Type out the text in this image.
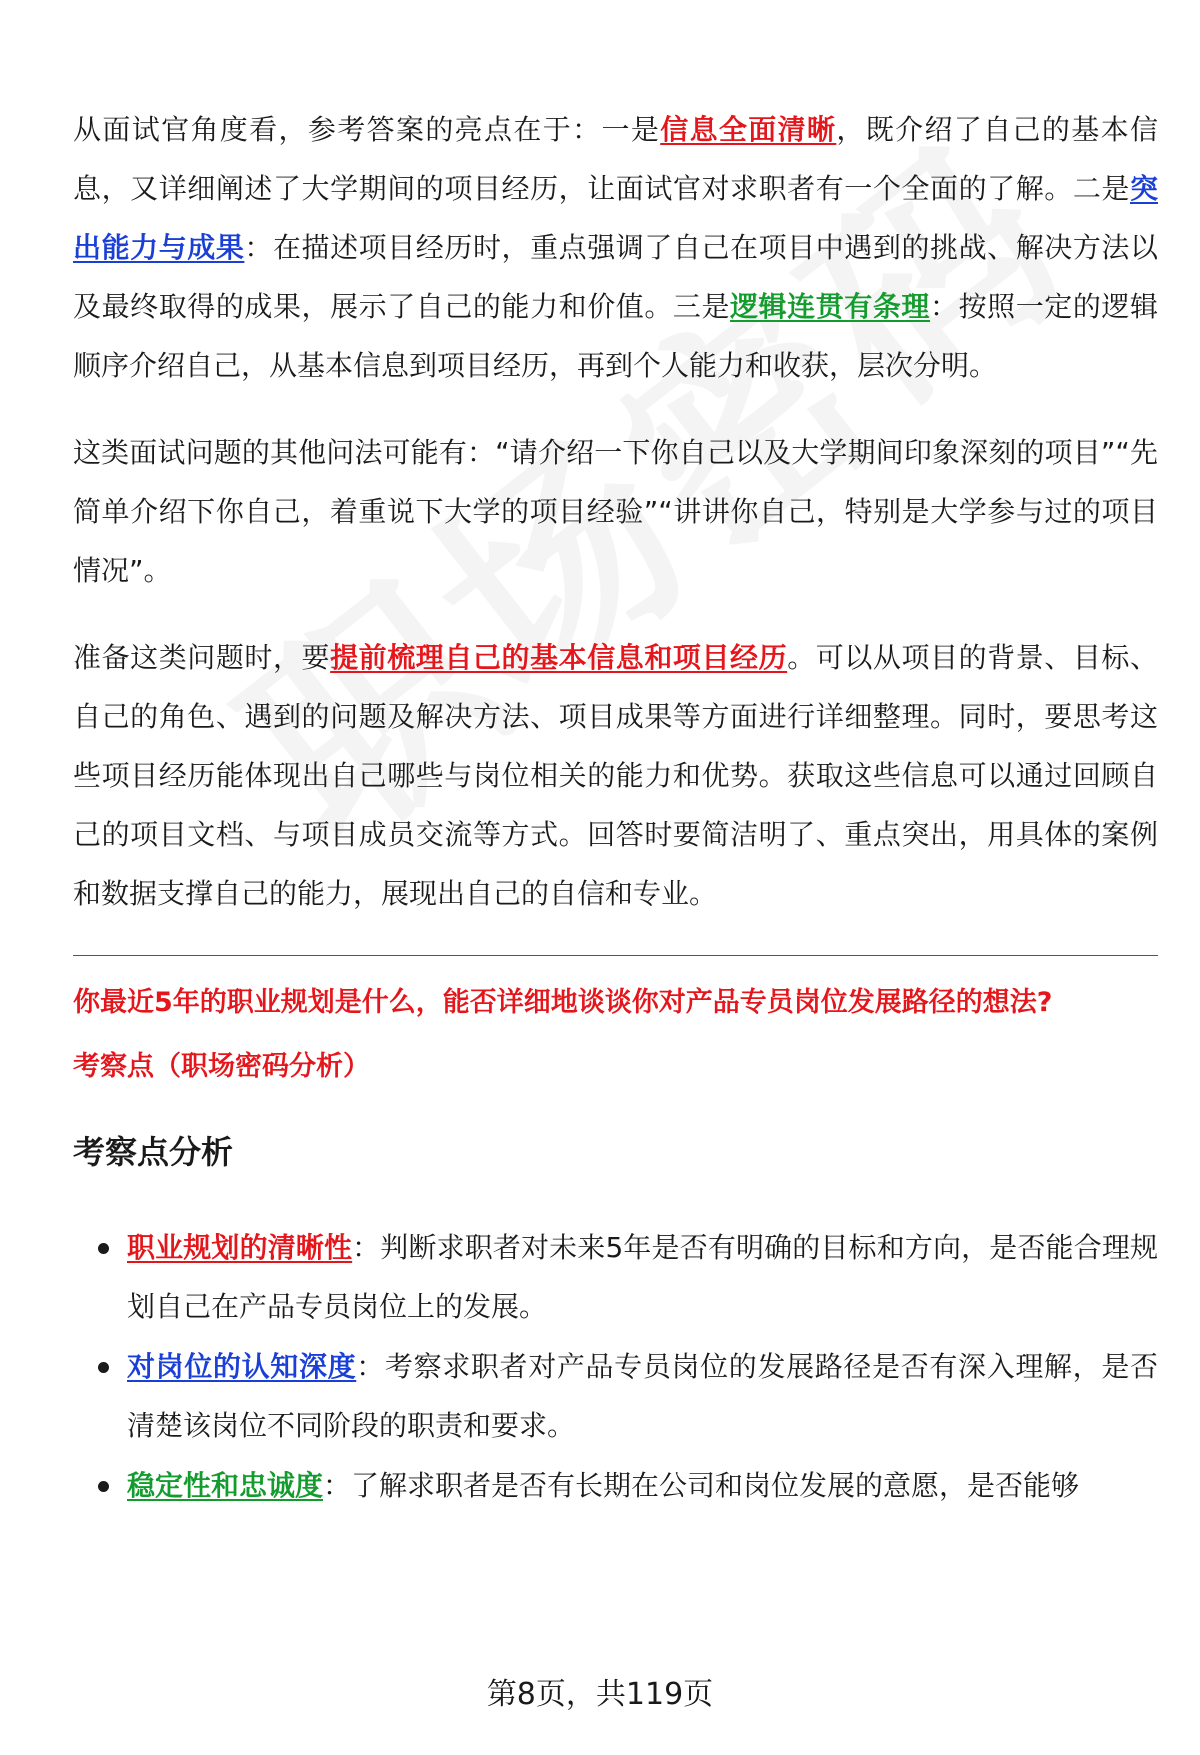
从面试官角度看，参考答案的亮点在于：一是信息全面清晰，既介绍了自己的基本信息，又详细阐述了大学期间的项目经历，让面试官对求职者有一个全面的了解。二是突出能力与成果：在描述项目经历时，重点强调了自己在项目中遇到的挑战、解决方法以及最终取得的成果，展示了自己的能力和价值。三是逻辑连贯有条理：按照一定的逻辑顺序介绍自己，从基本信息到项目经历，再到个人能力和收获，层次分明。

这类面试问题的其他问法可能有：“请介绍一下你自己以及大学期间印象深刻的项目”“先简单介绍下你自己，着重说下大学的项目经验”“讲讲你自己，特别是大学参与过的项目情况”。

准备这类问题时，要提前梳理自己的基本信息和项目经历。可以从项目的背景、目标、自己的角色、遇到的问题及解决方法、项目成果等方面进行详细整理。同时，要思考这些项目经历能体现出自己哪些与岗位相关的能力和优势。获取这些信息可以通过回顾自己的项目文档、与项目成员交流等方式。回答时要简洁明了、重点突出，用具体的案例和数据支撑自己的能力，展现出自己的自信和专业。

你最近5年的职业规划是什么，能否详细地谈谈你对产品专员岗位发展路径的想法?

考察点（职场密码分析）

考察点分析
职业规划的清晰性：判断求职者对未来5年是否有明确的目标和方向，是否能合理规划自己在产品专员岗位上的发展。
对岗位的认知深度：考察求职者对产品专员岗位的发展路径是否有深入理解，是否清楚该岗位不同阶段的职责和要求。
稳定性和忠诚度：了解求职者是否有长期在公司和岗位发展的意愿，是否能够
第8页，共119页
